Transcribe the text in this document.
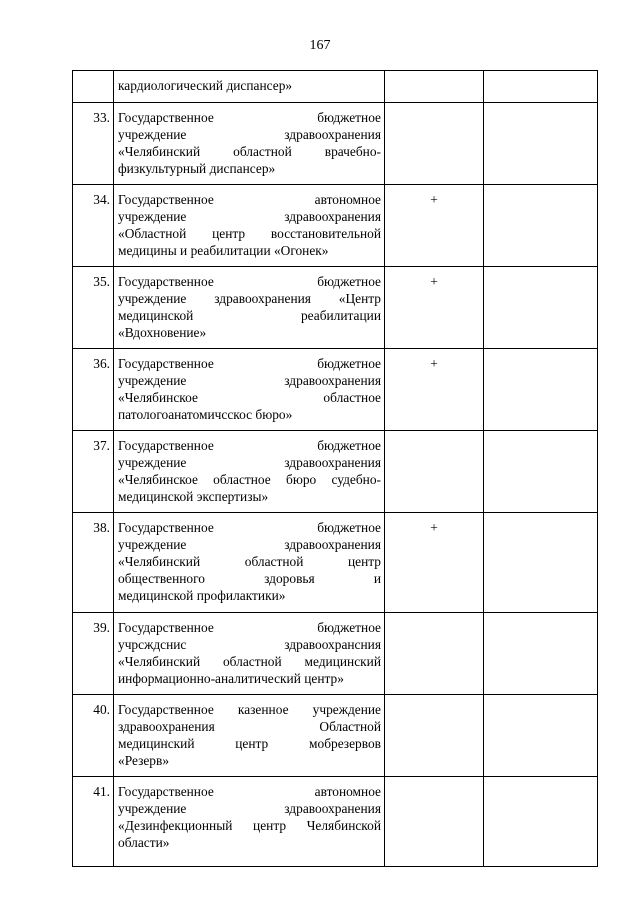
167

	кардиологический диспансер»		

33.	Государственное бюджетное
учреждение здравоохранения
«Челябинский областной врачебно-
физкультурный диспансер»		

34.	Государственное автономное
учреждение здравоохранения
«Областной центр восстановительной
медицины и реабилитации «Огонек»	+	
35.	Государственное бюджетное
учреждение здравоохранения «Центр
медицинской реабилитации
«Вдохновение»	+	
36.	Государственное бюджетное
учреждение здравоохранения
«Челябинское областное
патологоанатомичсскос бюро»	+	
37.	Государственное бюджетное
учреждение здравоохранения
«Челябинское областное бюро судебно-
медицинской экспертизы»		

38.	Государственное бюджетное
учреждение здравоохранения
«Челябинский областной центр
общественного здоровья и
медицинской профилактики»	+	
39.	Государственное бюджетное
учрсждснис здравоохрансния
«Челябинский областной медицинский
информационно-аналитический центр»		

40.	Государственное казенное учреждение
здравоохранения Областной
медицинский центр мобрезервов
«Резерв»		

41.	Государственное автономное
учреждение здравоохранения
«Дезинфекционный центр Челябинской
области»		
